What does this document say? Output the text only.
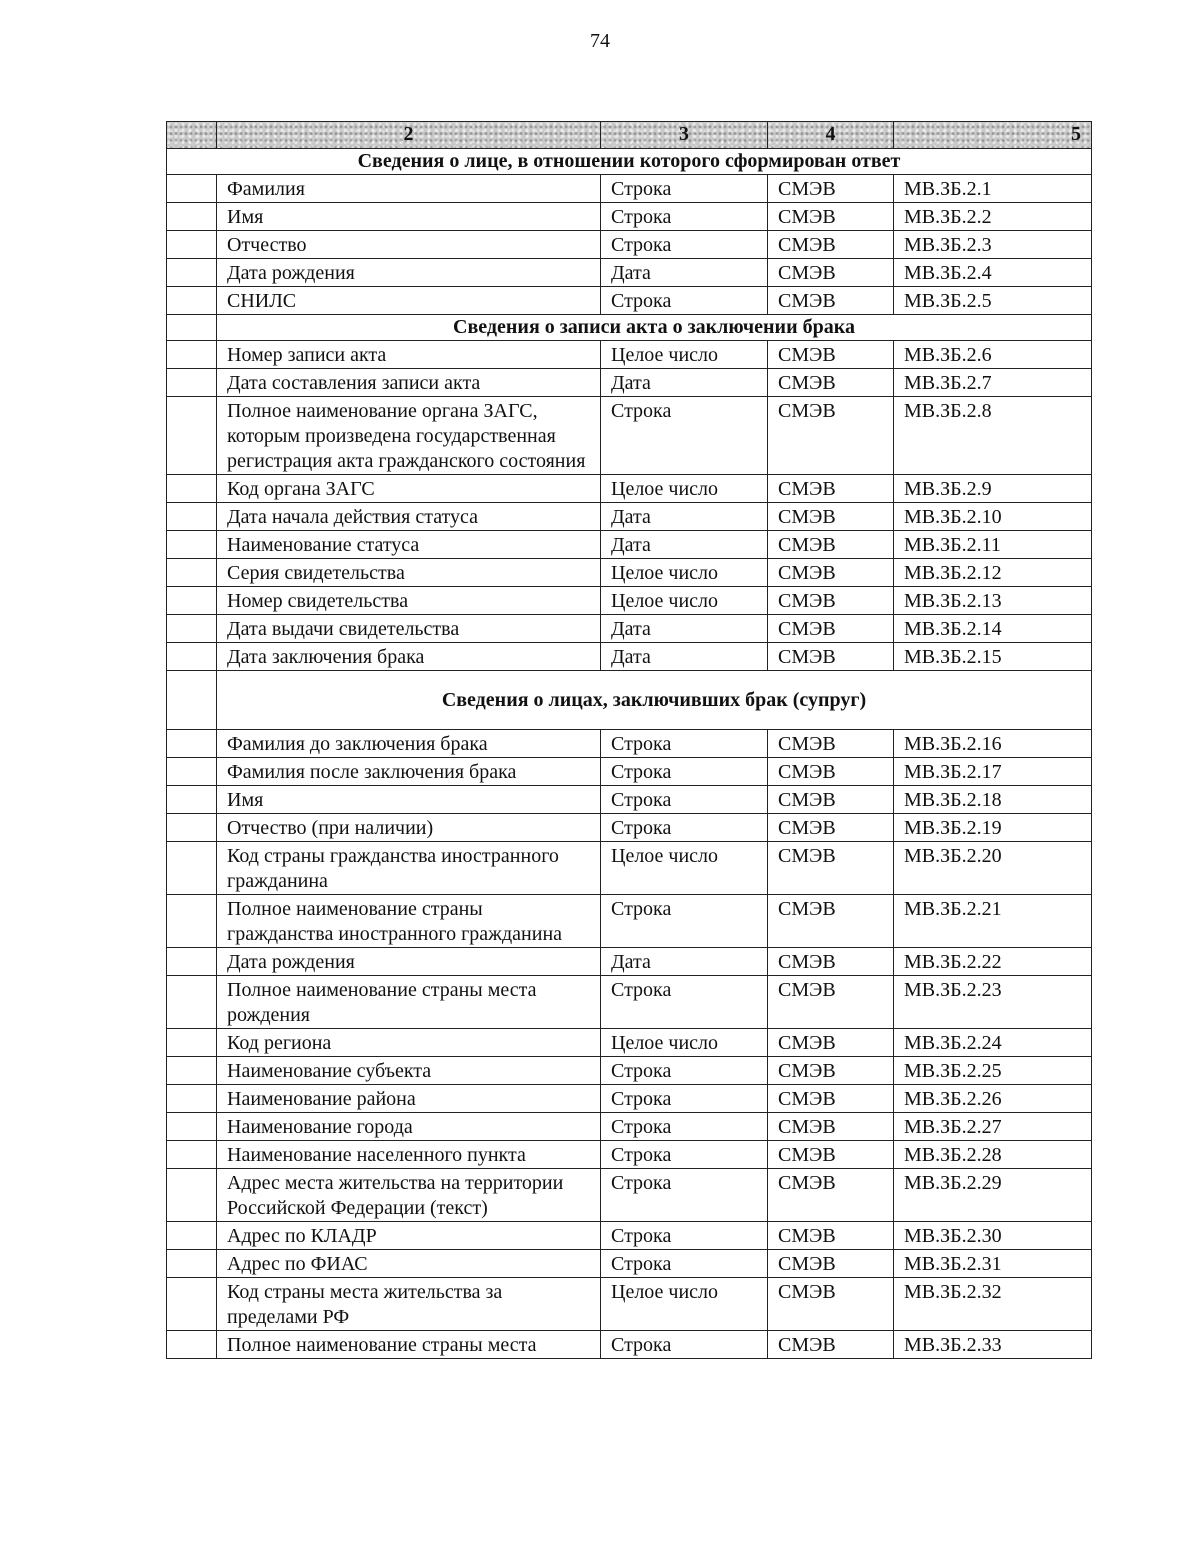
74
	2	3	4	5
Сведения о лице, в отношении которого сформирован ответ				
	Фамилия	Строка	СМЭВ	МВ.ЗБ.2.1
	Имя	Строка	СМЭВ	МВ.ЗБ.2.2
	Отчество	Строка	СМЭВ	МВ.ЗБ.2.3
	Дата рождения	Дата	СМЭВ	МВ.ЗБ.2.4
	СНИЛС	Строка	СМЭВ	МВ.ЗБ.2.5
	Сведения о записи акта о заключении брака			
	Номер записи акта	Целое число	СМЭВ	МВ.ЗБ.2.6
	Дата составления записи акта	Дата	СМЭВ	МВ.ЗБ.2.7
	Полное наименование органа ЗАГС, которым произведена государственная регистрация акта гражданского состояния	Строка	СМЭВ	МВ.ЗБ.2.8
	Код органа ЗАГС	Целое число	СМЭВ	МВ.ЗБ.2.9
	Дата начала действия статуса	Дата	СМЭВ	МВ.ЗБ.2.10
	Наименование статуса	Дата	СМЭВ	МВ.ЗБ.2.11
	Серия свидетельства	Целое число	СМЭВ	МВ.ЗБ.2.12
	Номер свидетельства	Целое число	СМЭВ	МВ.ЗБ.2.13
	Дата выдачи свидетельства	Дата	СМЭВ	МВ.ЗБ.2.14
	Дата заключения брака	Дата	СМЭВ	МВ.ЗБ.2.15
	Сведения о лицах, заключивших брак (супруг)			
	Фамилия до заключения брака	Строка	СМЭВ	МВ.ЗБ.2.16
	Фамилия после заключения брака	Строка	СМЭВ	МВ.ЗБ.2.17
	Имя	Строка	СМЭВ	МВ.ЗБ.2.18
	Отчество (при наличии)	Строка	СМЭВ	МВ.ЗБ.2.19
	Код страны гражданства иностранного гражданина	Целое число	СМЭВ	МВ.ЗБ.2.20
	Полное наименование страны гражданства иностранного гражданина	Строка	СМЭВ	МВ.ЗБ.2.21
	Дата рождения	Дата	СМЭВ	МВ.ЗБ.2.22
	Полное наименование страны места рождения	Строка	СМЭВ	МВ.ЗБ.2.23
	Код региона	Целое число	СМЭВ	МВ.ЗБ.2.24
	Наименование субъекта	Строка	СМЭВ	МВ.ЗБ.2.25
	Наименование района	Строка	СМЭВ	МВ.ЗБ.2.26
	Наименование города	Строка	СМЭВ	МВ.ЗБ.2.27
	Наименование населенного пункта	Строка	СМЭВ	МВ.ЗБ.2.28
	Адрес места жительства на территории Российской Федерации (текст)	Строка	СМЭВ	МВ.ЗБ.2.29
	Адрес по КЛАДР	Строка	СМЭВ	МВ.ЗБ.2.30
	Адрес по ФИАС	Строка	СМЭВ	МВ.ЗБ.2.31
	Код страны места жительства за пределами РФ	Целое число	СМЭВ	МВ.ЗБ.2.32
	Полное наименование страны места	Строка	СМЭВ	МВ.ЗБ.2.33
